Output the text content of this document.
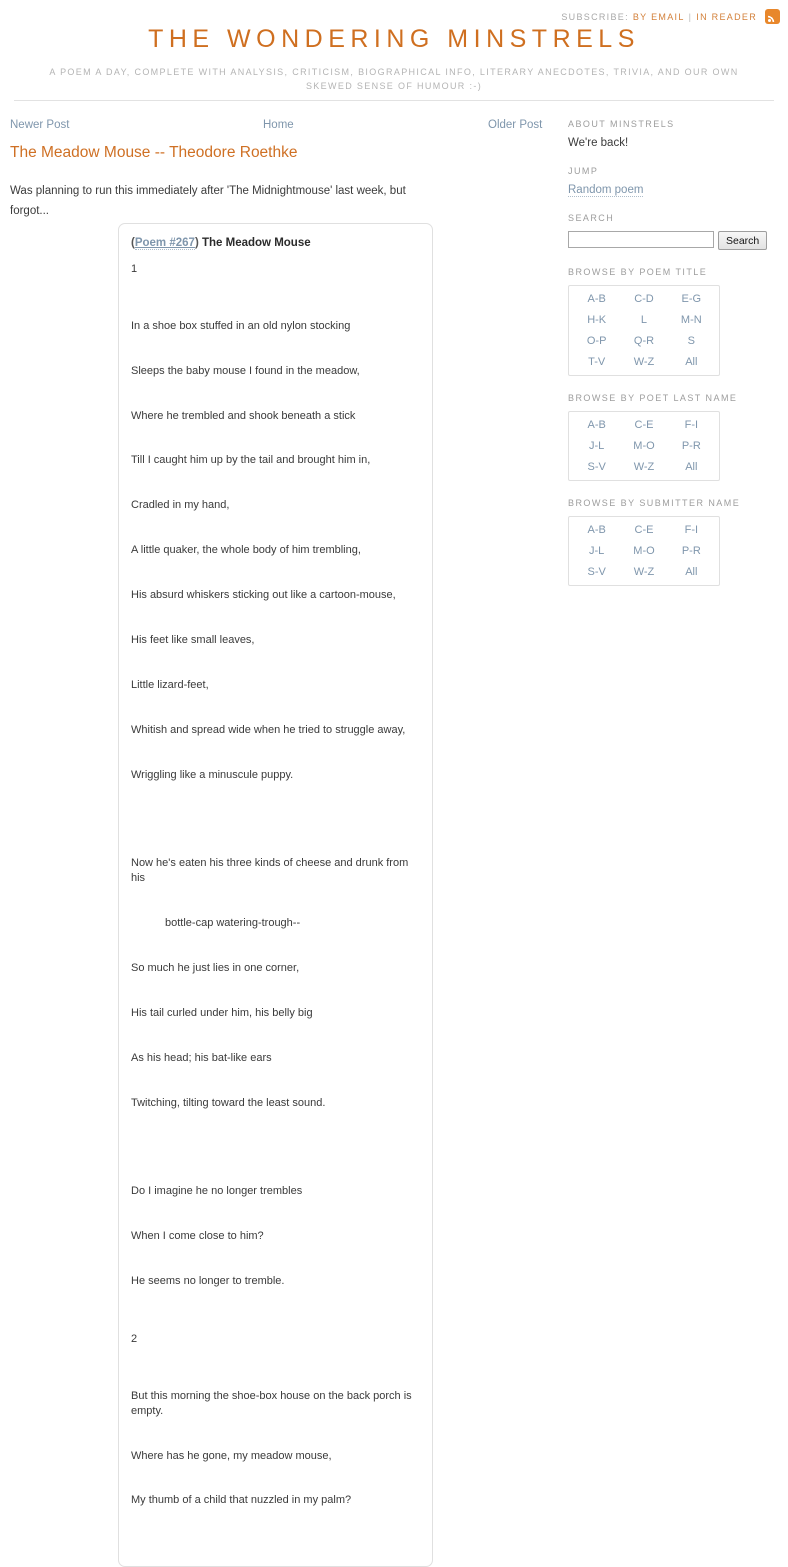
SUBSCRIBE: BY EMAIL | IN READER
THE WONDERING MINSTRELS
A POEM A DAY, COMPLETE WITH ANALYSIS, CRITICISM, BIOGRAPHICAL INFO, LITERARY ANECDOTES, TRIVIA, AND OUR OWN SKEWED SENSE OF HUMOUR :-)
Newer Post	Home	Older Post
The Meadow Mouse -- Theodore Roethke

Was planning to run this immediately after 'The Midnightmouse' last week, but forgot...

(Poem #267) The Meadow Mouse
1

In a shoe box stuffed in an old nylon stocking

Sleeps the baby mouse I found in the meadow,

Where he trembled and shook beneath a stick

Till I caught him up by the tail and brought him in,

Cradled in my hand,

A little quaker, the whole body of him trembling,

His absurd whiskers sticking out like a cartoon-mouse,

His feet like small leaves,

Little lizard-feet,

Whitish and spread wide when he tried to struggle away,

Wriggling like a minuscule puppy.

Now he's eaten his three kinds of cheese and drunk from his

bottle-cap watering-trough--

So much he just lies in one corner,

His tail curled under him, his belly big

As his head; his bat-like ears

Twitching, tilting toward the least sound.

Do I imagine he no longer trembles

When I come close to him?

He seems no longer to tremble.

2

But this morning the shoe-box house on the back porch is empty.

Where has he gone, my meadow mouse,

My thumb of a child that nuzzled in my palm?

ABOUT MINSTRELS

We're back!

JUMP
Random poem
SEARCH
Search
BROWSE BY POEM TITLE
A-B	C-D	E-G
H-K	L	M-N
O-P	Q-R	S
T-V	W-Z	All
BROWSE BY POET LAST NAME
A-B	C-E	F-I
J-L	M-O	P-R
S-V	W-Z	All
BROWSE BY SUBMITTER NAME
A-B	C-E	F-I
J-L	M-O	P-R
S-V	W-Z	All
